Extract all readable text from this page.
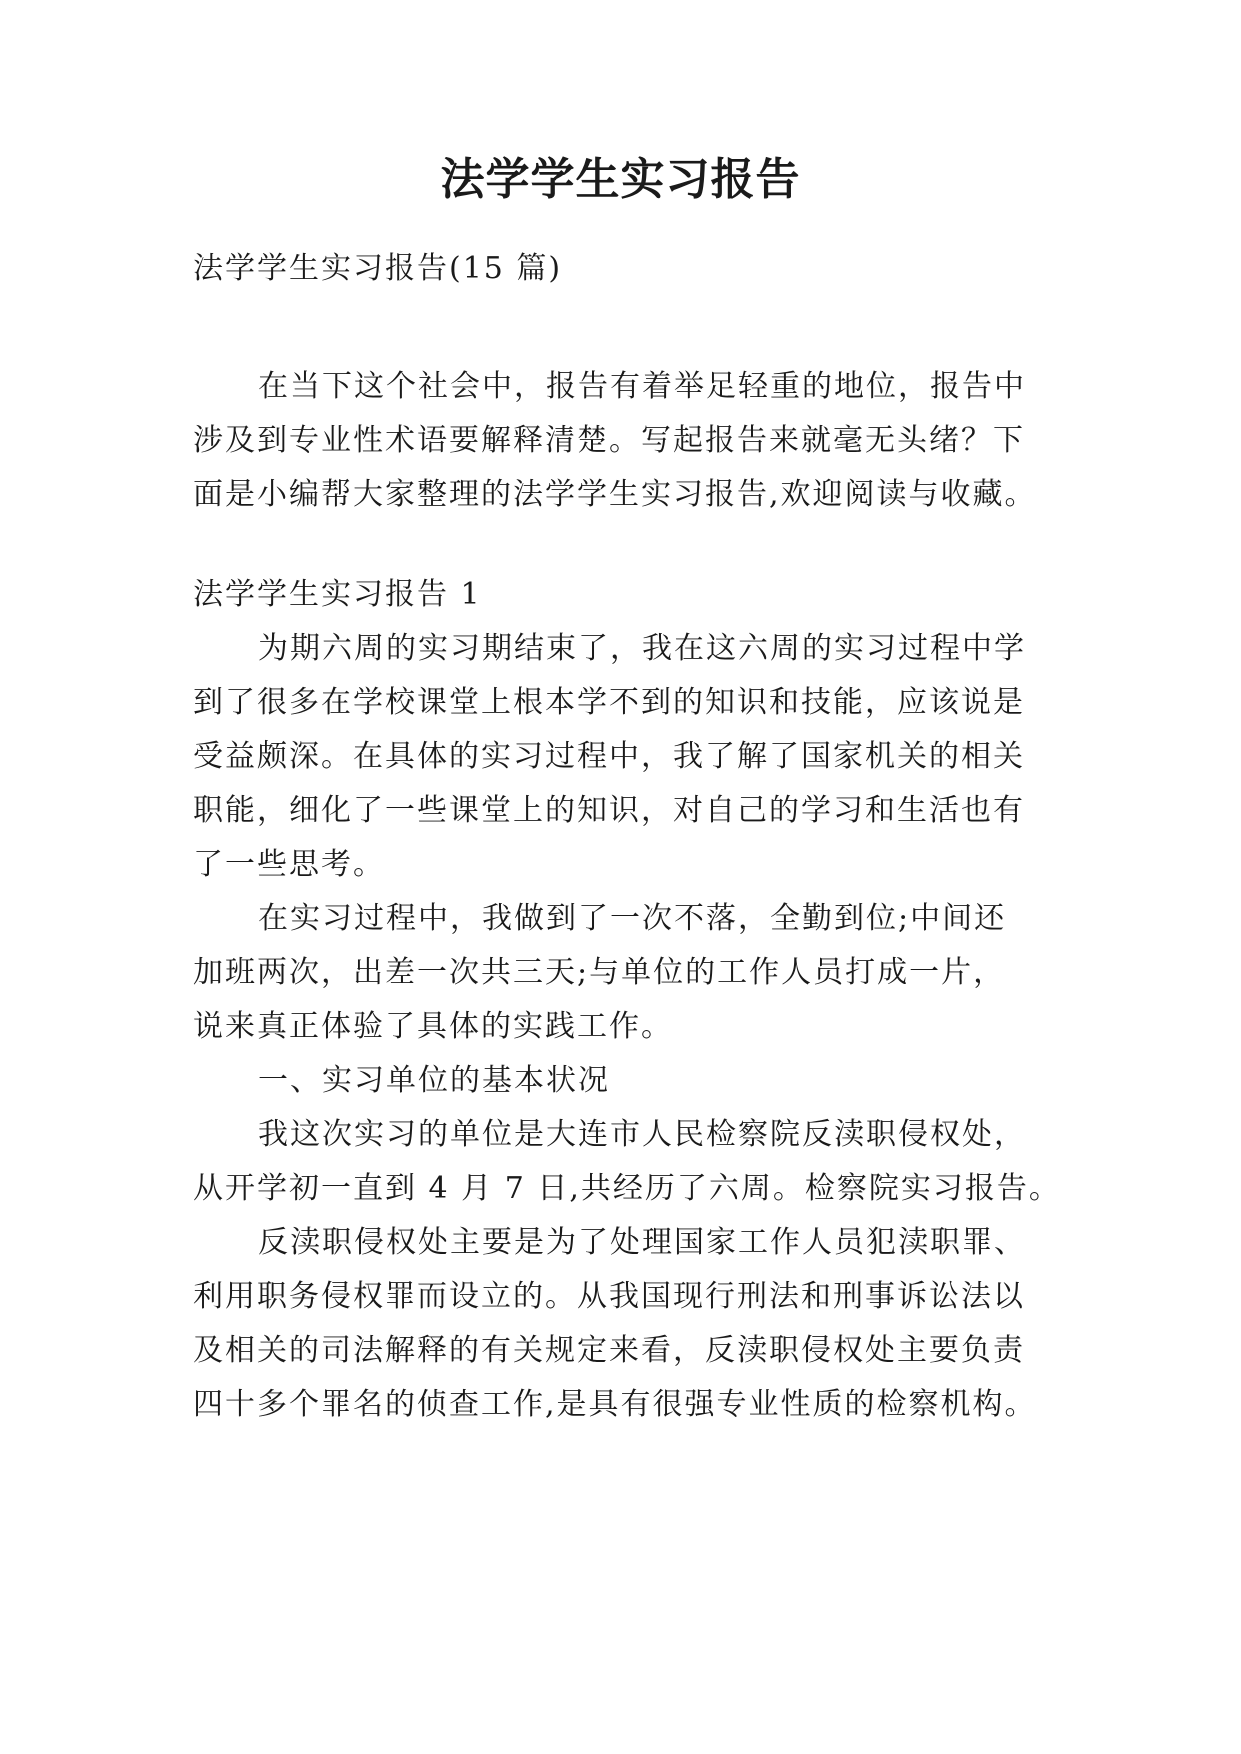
法学学生实习报告

法学学生实习报告(15 篇)

在当下这个社会中，报告有着举足轻重的地位，报告中
涉及到专业性术语要解释清楚。写起报告来就毫无头绪？下
面是小编帮大家整理的法学学生实习报告,欢迎阅读与收藏。

法学学生实习报告 1

为期六周的实习期结束了，我在这六周的实习过程中学
到了很多在学校课堂上根本学不到的知识和技能，应该说是
受益颇深。在具体的实习过程中，我了解了国家机关的相关
职能，细化了一些课堂上的知识，对自己的学习和生活也有
了一些思考。

在实习过程中，我做到了一次不落，全勤到位;中间还
加班两次，出差一次共三天;与单位的工作人员打成一片，
说来真正体验了具体的实践工作。

一、实习单位的基本状况

我这次实习的单位是大连市人民检察院反渎职侵权处，
从开学初一直到 4 月 7 日,共经历了六周。检察院实习报告。

反渎职侵权处主要是为了处理国家工作人员犯渎职罪、
利用职务侵权罪而设立的。从我国现行刑法和刑事诉讼法以
及相关的司法解释的有关规定来看，反渎职侵权处主要负责
四十多个罪名的侦查工作,是具有很强专业性质的检察机构。
